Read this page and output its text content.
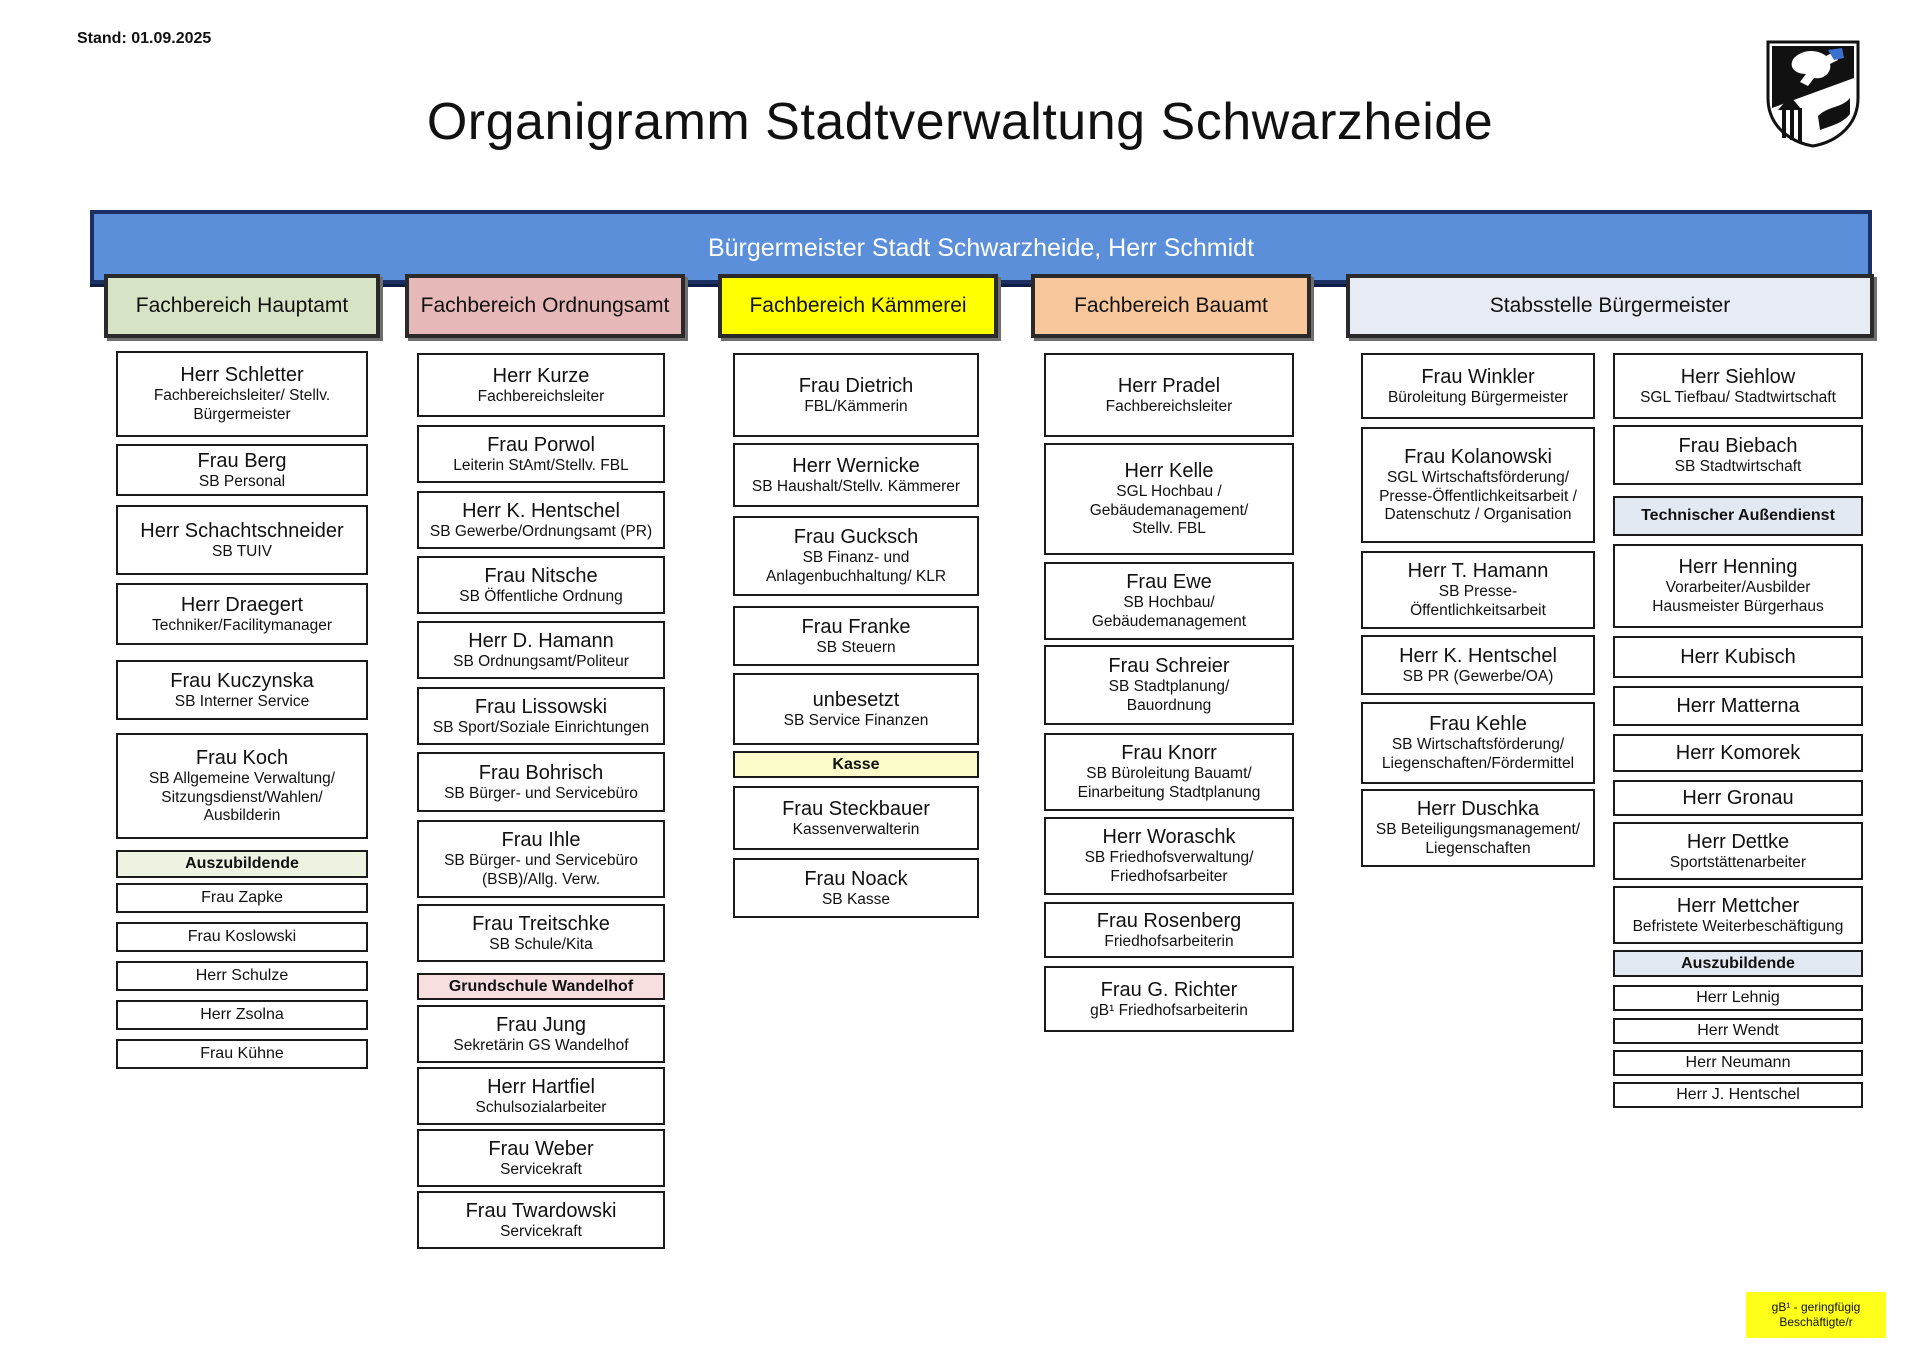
Stand: 01.09.2025
Organigramm Stadtverwaltung Schwarzheide
Bürgermeister Stadt Schwarzheide, Herr Schmidt
Fachbereich Hauptamt	Fachbereich Ordnungsamt	Fachbereich Kämmerei	Fachbereich Bauamt	Stabsstelle Bürgermeister
Herr Schletter
Fachbereichsleiter/ Stellv. Bürgermeister
Frau Berg
SB Personal
Herr Schachtschneider
SB TUIV
Herr Draegert
Techniker/Facilitymanager
Frau Kuczynska
SB Interner Service
Frau Koch
SB Allgemeine Verwaltung/ Sitzungsdienst/Wahlen/ Ausbilderin
Auszubildende
Frau Zapke
Frau Koslowski
Herr Schulze
Herr Zsolna
Frau Kühne
Herr Kurze
Fachbereichsleiter
Frau Porwol
Leiterin StAmt/Stellv. FBL
Herr K. Hentschel
SB Gewerbe/Ordnungsamt (PR)
Frau Nitsche
SB Öffentliche Ordnung
Herr D. Hamann
SB Ordnungsamt/Politeur
Frau Lissowski
SB Sport/Soziale Einrichtungen
Frau Bohrisch
SB Bürger- und Servicebüro
Frau Ihle
SB Bürger- und Servicebüro (BSB)/Allg. Verw.
Frau Treitschke
SB Schule/Kita
Grundschule Wandelhof
Frau Jung
Sekretärin GS Wandelhof
Herr Hartfiel
Schulsozialarbeiter
Frau Weber
Servicekraft
Frau Twardowski
Servicekraft
Frau Dietrich
FBL/Kämmerin
Herr Wernicke
SB Haushalt/Stellv. Kämmerer
Frau Gucksch
SB Finanz- und Anlagenbuchhaltung/ KLR
Frau Franke
SB Steuern
unbesetzt
SB Service Finanzen
Kasse
Frau Steckbauer
Kassenverwalterin
Frau Noack
SB Kasse
Herr Pradel
Fachbereichsleiter
Herr Kelle
SGL Hochbau / Gebäudemanagement/ Stellv. FBL
Frau Ewe
SB Hochbau/ Gebäudemanagement
Frau Schreier
SB Stadtplanung/ Bauordnung
Frau Knorr
SB Büroleitung Bauamt/ Einarbeitung Stadtplanung
Herr Woraschk
SB Friedhofsverwaltung/ Friedhofsarbeiter
Frau Rosenberg
Friedhofsarbeiterin
Frau G. Richter
gB¹ Friedhofsarbeiterin
Frau Winkler
Büroleitung Bürgermeister
Frau Kolanowski
SGL Wirtschaftsförderung/ Presse-Öffentlichkeitsarbeit / Datenschutz / Organisation
Herr T. Hamann
SB Presse- Öffentlichkeitsarbeit
Herr K. Hentschel
SB PR (Gewerbe/OA)
Frau Kehle
SB Wirtschaftsförderung/ Liegenschaften/Fördermittel
Herr Duschka
SB Beteiligungsmanagement/ Liegenschaften
Herr Siehlow
SGL Tiefbau/ Stadtwirtschaft
Frau Biebach
SB Stadtwirtschaft
Technischer Außendienst
Herr Henning
Vorarbeiter/Ausbilder Hausmeister Bürgerhaus
Herr Kubisch
Herr Matterna
Herr Komorek
Herr Gronau
Herr Dettke
Sportstättenarbeiter
Herr Mettcher
Befristete Weiterbeschäftigung
Auszubildende
Herr Lehnig
Herr Wendt
Herr Neumann
Herr J. Hentschel
gB¹ - geringfügig
Beschäftigte/r
